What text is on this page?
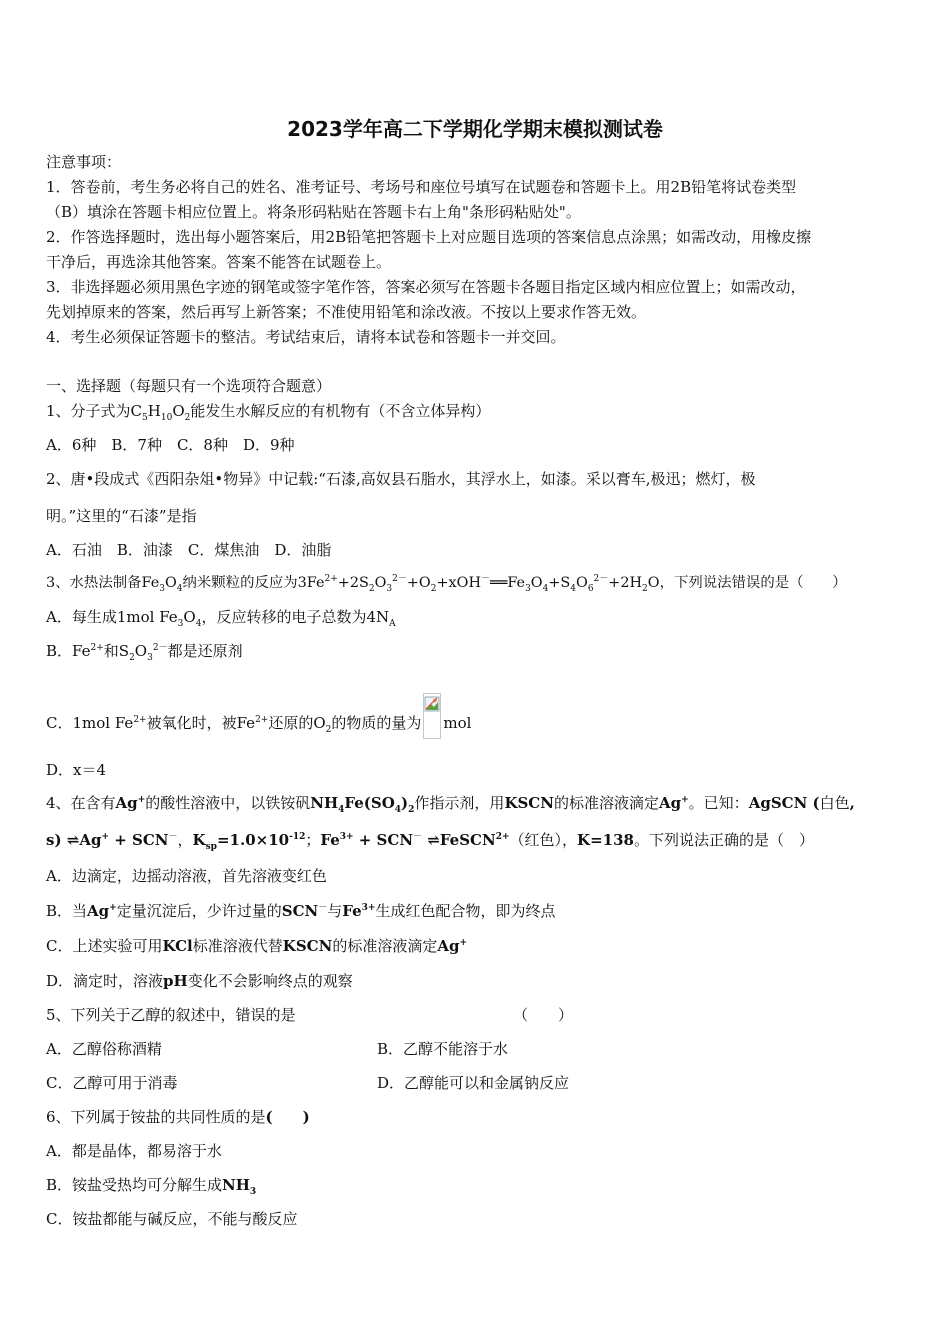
2023学年高二下学期化学期末模拟测试卷
注意事项：
1．答卷前，考生务必将自己的姓名、准考证号、考场号和座位号填写在试题卷和答题卡上。用2B铅笔将试卷类型
（B）填涂在答题卡相应位置上。将条形码粘贴在答题卡右上角"条形码粘贴处"。
2．作答选择题时，选出每小题答案后，用2B铅笔把答题卡上对应题目选项的答案信息点涂黑；如需改动，用橡皮擦
干净后，再选涂其他答案。答案不能答在试题卷上。
3．非选择题必须用黑色字迹的钢笔或签字笔作答，答案必须写在答题卡各题目指定区域内相应位置上；如需改动，
先划掉原来的答案，然后再写上新答案；不准使用铅笔和涂改液。不按以上要求作答无效。
4．考生必须保证答题卡的整洁。考试结束后，请将本试卷和答题卡一并交回。
一、选择题（每题只有一个选项符合题意）
1、分子式为$C_5H_{10}O_2$能发生水解反应的有机物有（不含立体异构）
A．6种　B．7种　C．8种　D．9种
2、唐•段成式《西阳杂俎•物异》中记载:“石漆,高奴县石脂水，其浮水上，如漆。采以膏车,极迅；燃灯，极
明。”这里的“石漆”是指
A．石油　B．油漆　C．煤焦油　D．油脂
3、水热法制备$Fe_3O_4$纳米颗粒的反应为$3Fe^{2+}+2S_2O_3^{2-}+O_2+xOH^-══Fe_3O_4+S_4O_6^{2-}+2H_2O$，下列说法错误的是（　　）
A．每生成1mol $Fe_3O_4$，反应转移的电子总数为$4N_A$
B．$Fe^{2+}$和$S_2O_3^{2-}$都是还原剂
C．1mol $Fe^{2+}$被氧化时，被$Fe^{2+}$还原的$O_2$的物质的量为 mol
D．x＝4
4、在含有Ag+的酸性溶液中，以铁铵矾$NH_4Fe(SO_4)_2$作指示剂，用KSCN的标准溶液滴定Ag+。已知：AgSCN (白色,
s) ⇌Ag+ + SCN－，$K_{sp}=1.0\times 10^{-12}$；$Fe^{3+} + SCN^-$ ⇌FeSCN$^{2+}$（红色），K=138。下列说法正确的是（　）
A．边滴定，边摇动溶液，首先溶液变红色
B．当Ag+定量沉淀后，少许过量的SCN－与$Fe^{3+}$生成红色配合物，即为终点
C．上述实验可用KCl标准溶液代替KSCN的标准溶液滴定Ag+
D．滴定时，溶液pH变化不会影响终点的观察
5、下列关于乙醇的叙述中，错误的是	（　　）
A．乙醇俗称酒精	B．乙醇不能溶于水
C．乙醇可用于消毒	D．乙醇能可以和金属钠反应
6、下列属于铵盐的共同性质的是(　　)
A．都是晶体，都易溶于水
B．铵盐受热均可分解生成$NH_3$
C．铵盐都能与碱反应，不能与酸反应
